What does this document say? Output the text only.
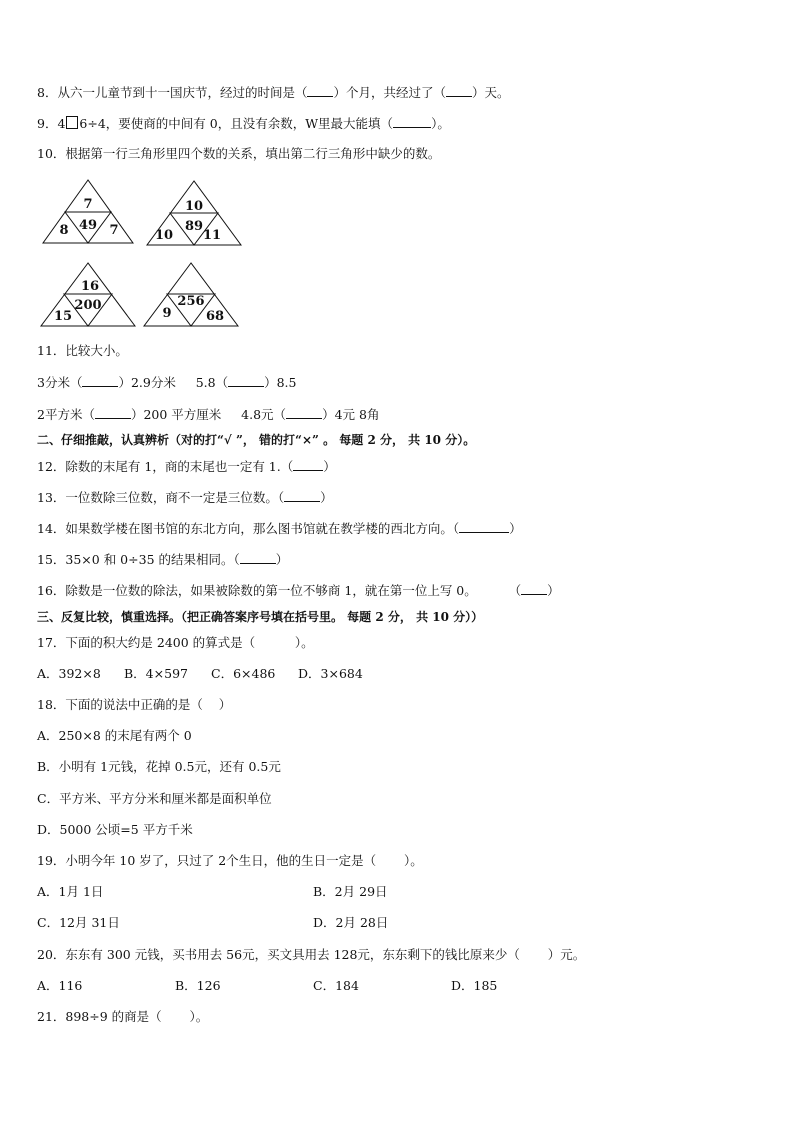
8．从六一儿童节到十一国庆节，经过的时间是（ ）个月，共经过了（ ）天。
9．4 6÷4，要使商的中间有 0，且没有余数，W里最大能填（	）。
10．根据第一行三角形里四个数的关系，填出第二行三角形中缺少的数。
7
49
8	7
10
89
10 11
16
200
15
256
9	68
11．比较大小。
3分米（	）2.9分米 5.8（	）8.5
2平方米（	）200 平方厘米 4.8元（	）4元 8角
二、仔细推敲，认真辨析（对的打“√ ”， 错的打“×” 。 每题 2 分， 共 10 分）。
12．除数的末尾有 1，商的末尾也一定有 1.（ ）
13．一位数除三位数，商不一定是三位数。（	）
14．如果数学楼在图书馆的东北方向，那么图书馆就在教学楼的西北方向。（	）
15．35×0 和 0÷35 的结果相同。（	）
16．除数是一位数的除法，如果被除数的第一位不够商 1，就在第一位上写 0。	（ ）
三、反复比较，慎重选择。（把正确答案序号填在括号里。 每题 2 分， 共 10 分））
17．下面的积大约是 2400 的算式是（          ）。

A．392×8

B．4×597

C．6×486

D．3×684

18．下面的说法中正确的是（    ）
A．250×8 的末尾有两个 0
B．小明有 1元钱，花掉 0.5元，还有 0.5元
C．平方米、平方分米和厘米都是面积单位
D．5000 公顷=5 平方千米
19．小明今年 10 岁了，只过了 2个生日，他的生日一定是（       ）。

A．1月 1日

	B．2月 29日

C．12月 31日

	D．2月 28日

20．东东有 300 元钱，买书用去 56元，买文具用去 128元，东东剩下的钱比原来少（       ）元。

A．116

	B．126

	C．184

	D．185

21．898÷9 的商是（       ）。
